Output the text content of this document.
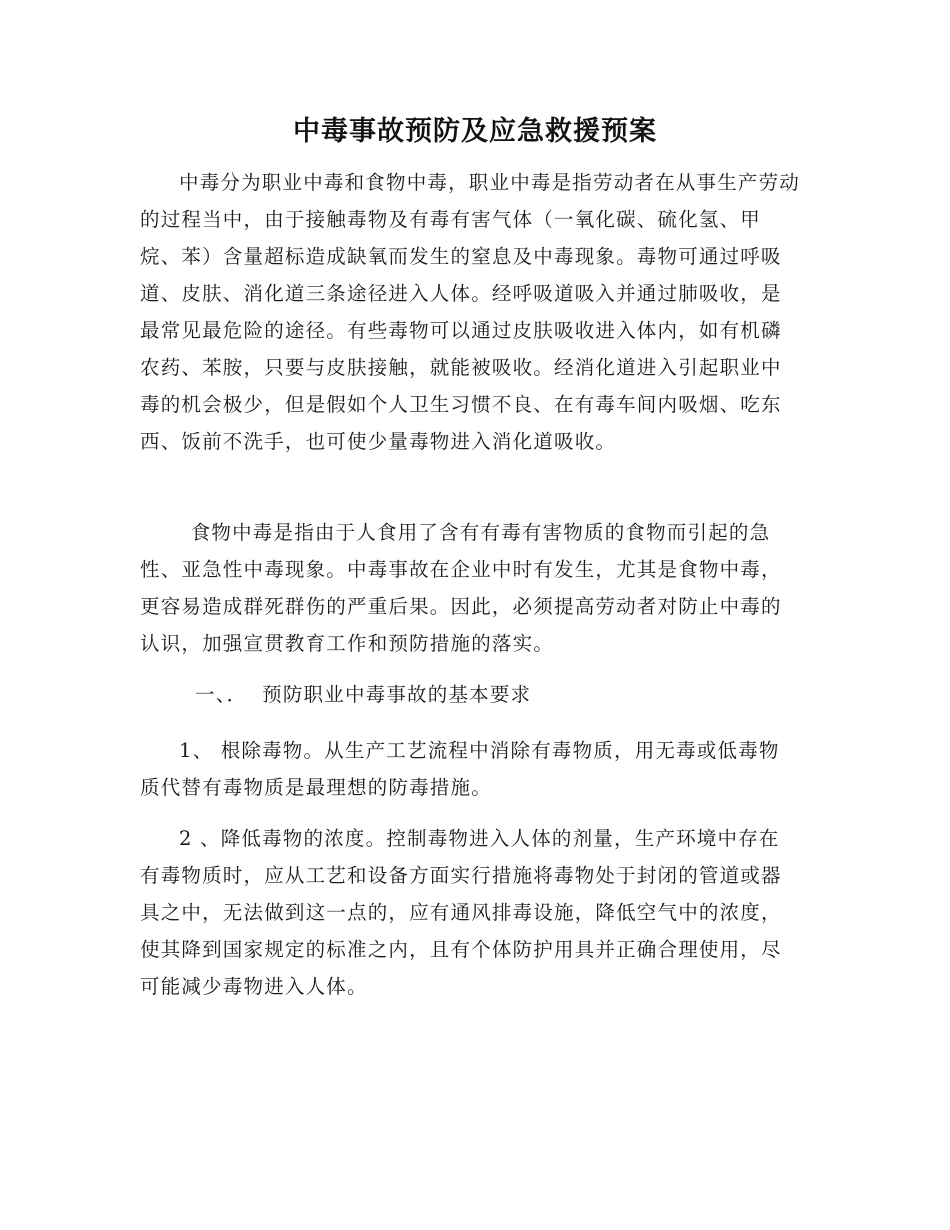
中毒事故预防及应急救援预案

中毒分为职业中毒和食物中毒，职业中毒是指劳动者在从事生产劳动的过程当中，由于接触毒物及有毒有害气体（一氧化碳、硫化氢、甲烷、苯）含量超标造成缺氧而发生的窒息及中毒现象。毒物可通过呼吸道、皮肤、消化道三条途径进入人体。经呼吸道吸入并通过肺吸收，是最常见最危险的途径。有些毒物可以通过皮肤吸收进入体内，如有机磷农药、苯胺，只要与皮肤接触，就能被吸收。经消化道进入引起职业中毒的机会极少，但是假如个人卫生习惯不良、在有毒车间内吸烟、吃东西、饭前不洗手，也可使少量毒物进入消化道吸收。

食物中毒是指由于人食用了含有有毒有害物质的食物而引起的急性、亚急性中毒现象。中毒事故在企业中时有发生，尤其是食物中毒，更容易造成群死群伤的严重后果。因此，必须提高劳动者对防止中毒的认识，加强宣贯教育工作和预防措施的落实。

一、．  预防职业中毒事故的基本要求

1、 根除毒物。从生产工艺流程中消除有毒物质，用无毒或低毒物质代替有毒物质是最理想的防毒措施。

2 、降低毒物的浓度。控制毒物进入人体的剂量，生产环境中存在有毒物质时，应从工艺和设备方面实行措施将毒物处于封闭的管道或器具之中，无法做到这一点的，应有通风排毒设施，降低空气中的浓度，使其降到国家规定的标准之内，且有个体防护用具并正确合理使用，尽可能减少毒物进入人体。
